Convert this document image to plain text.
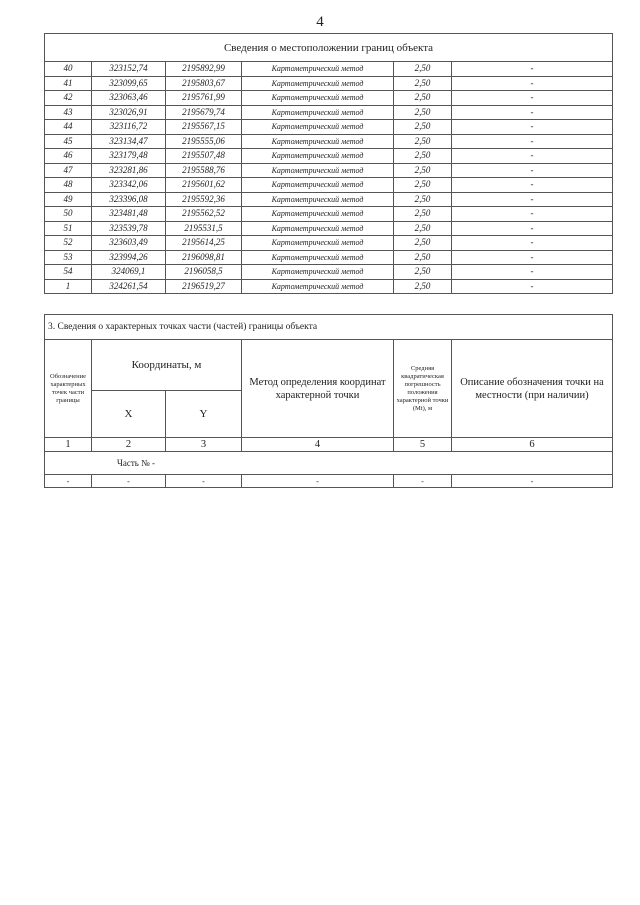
4
Сведения о местоположении границ объекта					
40	323152,74	2195892,99	Картометрический метод	2,50	-
41	323099,65	2195803,67	Картометрический метод	2,50	-
42	323063,46	2195761,99	Картометрический метод	2,50	-
43	323026,91	2195679,74	Картометрический метод	2,50	-
44	323116,72	2195567,15	Картометрический метод	2,50	-
45	323134,47	2195555,06	Картометрический метод	2,50	-
46	323179,48	2195507,48	Картометрический метод	2,50	-
47	323281,86	2195588,76	Картометрический метод	2,50	-
48	323342,06	2195601,62	Картометрический метод	2,50	-
49	323396,08	2195592,36	Картометрический метод	2,50	-
50	323481,48	2195562,52	Картометрический метод	2,50	-
51	323539,78	2195531,5	Картометрический метод	2,50	-
52	323603,49	2195614,25	Картометрический метод	2,50	-
53	323994,26	2196098,81	Картометрический метод	2,50	-
54	324069,1	2196058,5	Картометрический метод	2,50	-
1	324261,54	2196519,27	Картометрический метод	2,50	-
3. Сведения о характерных точках части (частей) границы объекта					
Обозначение характерных точек части границы	Координаты, м		Метод определения координат характерной точки	Средняя квадратическая погрешность положения характерной точки (Mt), м	Описание обозначения точки на местности (при наличии)
	X	Y			
1	2	3	4	5	6
Часть № -					
-	-	-	-	-	-
